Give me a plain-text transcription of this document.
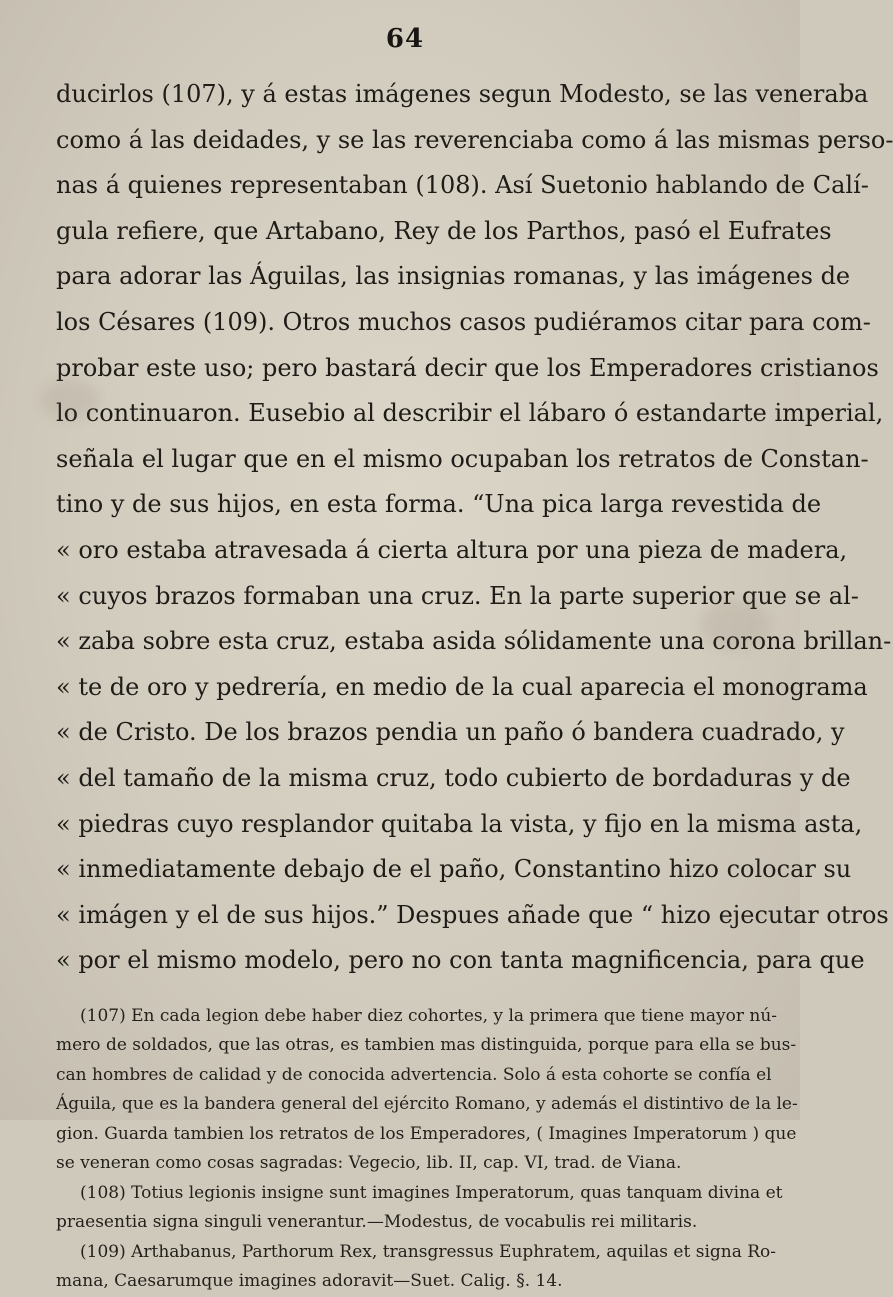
64
ducirlos (107), y á estas imágenes segun Modesto, se las veneraba
como á las deidades, y se las reverenciaba como á las mismas perso-
nas á quienes representaban (108). Así Suetonio hablando de Calí-
gula refiere, que Artabano, Rey de los Parthos, pasó el Eufrates
para adorar las Águilas, las insignias romanas, y las imágenes de
los Césares (109). Otros muchos casos pudiéramos citar para com-
probar este uso; pero bastará decir que los Emperadores cristianos
lo continuaron. Eusebio al describir el lábaro ó estandarte imperial,
señala el lugar que en el mismo ocupaban los retratos de Constan-
tino y de sus hijos, en esta forma. “Una pica larga revestida de
« oro estaba atravesada á cierta altura por una pieza de madera,
« cuyos brazos formaban una cruz. En la parte superior que se al-
« zaba sobre esta cruz, estaba asida sólidamente una corona brillan-
« te de oro y pedrería, en medio de la cual aparecia el monograma
« de Cristo. De los brazos pendia un paño ó bandera cuadrado, y
« del tamaño de la misma cruz, todo cubierto de bordaduras y de
« piedras cuyo resplandor quitaba la vista, y fijo en la misma asta,
« inmediatamente debajo de el paño, Constantino hizo colocar su
« imágen y el de sus hijos.” Despues añade que “ hizo ejecutar otros
« por el mismo modelo, pero no con tanta magnificencia, para que
(107) En cada legion debe haber diez cohortes, y la primera que tiene mayor nú-
mero de soldados, que las otras, es tambien mas distinguida, porque para ella se bus-
can hombres de calidad y de conocida advertencia. Solo á esta cohorte se confía el
Águila, que es la bandera general del ejército Romano, y además el distintivo de la le-
gion. Guarda tambien los retratos de los Emperadores, ( Imagines Imperatorum ) que
se veneran como cosas sagradas: Vegecio, lib. II, cap. VI, trad. de Viana.
(108) Totius legionis insigne sunt imagines Imperatorum, quas tanquam divina et
praesentia signa singuli venerantur.—Modestus, de vocabulis rei militaris.
(109) Arthabanus, Parthorum Rex, transgressus Euphratem, aquilas et signa Ro-
mana, Caesarumque imagines adoravit—Suet. Calig. §. 14.
